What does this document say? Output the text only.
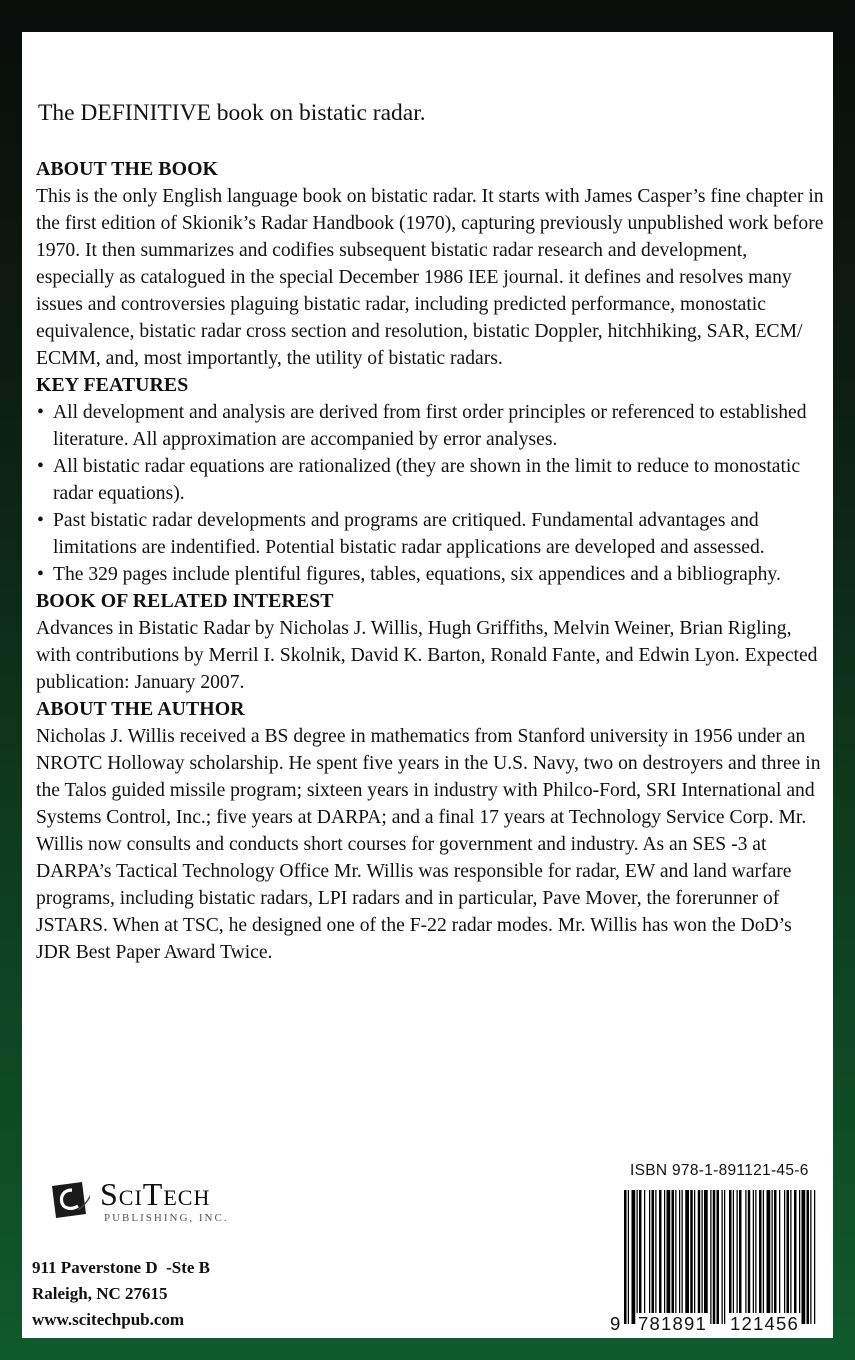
The DEFINITIVE book on bistatic radar.
ABOUT THE BOOK

This is the only English language book on bistatic radar. It starts with James Casper’s fine chapter in the first edition of Skionik’s Radar Handbook (1970), capturing previously unpublished work before 1970. It then summarizes and codifies subsequent bistatic radar research and development, especially as catalogued in the special December 1986 IEE journal. it defines and resolves many issues and controversies plaguing bistatic radar, including predicted performance, monostatic equivalence, bistatic radar cross section and resolution, bistatic Doppler, hitchhiking, SAR, ECM/ ECMM, and, most importantly, the utility of bistatic radars.

KEY FEATURES
• All development and analysis are derived from first order principles or referenced to established literature. All approximation are accompanied by error analyses.
• All bistatic radar equations are rationalized (they are shown in the limit to reduce to monostatic radar equations).
• Past bistatic radar developments and programs are critiqued. Fundamental advantages and limitations are indentified. Potential bistatic radar applications are developed and assessed.
• The 329 pages include plentiful figures, tables, equations, six appendices and a bibliography.
BOOK OF RELATED INTEREST

Advances in Bistatic Radar by Nicholas J. Willis, Hugh Griffiths, Melvin Weiner, Brian Rigling, with contributions by Merril I. Skolnik, David K. Barton, Ronald Fante, and Edwin Lyon. Expected publication: January 2007.

ABOUT THE AUTHOR

Nicholas J. Willis received a BS degree in mathematics from Stanford university in 1956 under an NROTC Holloway scholarship. He spent five years in the U.S. Navy, two on destroyers and three in the Talos guided missile program; sixteen years in industry with Philco-Ford, SRI International and Systems Control, Inc.; five years at DARPA; and a final 17 years at Technology Service Corp. Mr. Willis now consults and conducts short courses for government and industry. As an SES -3 at DARPA’s Tactical Technology Office Mr. Willis was responsible for radar, EW and land warfare programs, including bistatic radars, LPI radars and in particular, Pave Mover, the forerunner of JSTARS. When at TSC, he designed one of the F-22 radar modes. Mr. Willis has won the DoD’s JDR Best Paper Award Twice.

SciTech
PUBLISHING, INC.
911 Paverstone D  -Ste B
Raleigh, NC 27615
www.scitechpub.com
ISBN 978-1-891121-45-6
9 781891 121456
